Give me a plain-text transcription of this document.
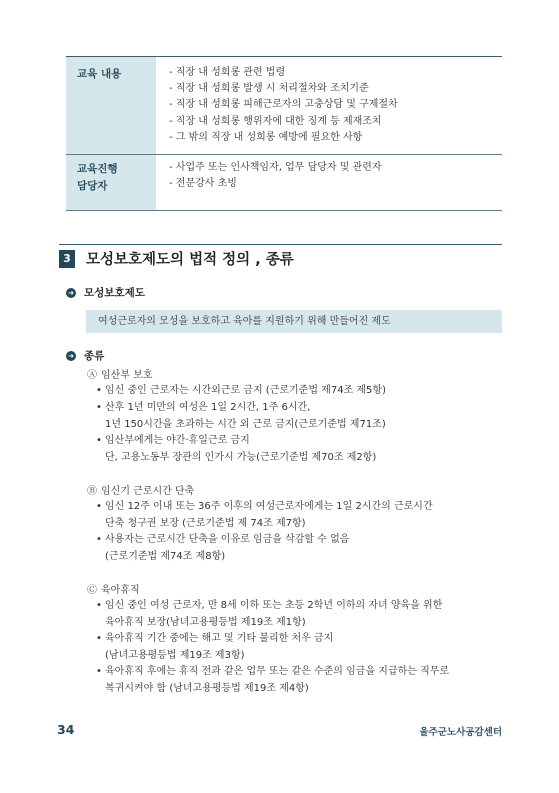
교육 내용	- 직장 내 성희롱 관련 법령
- 직장 내 성희롱 발생 시 처리절차와 조치기준
- 직장 내 성희롱 피해근로자의 고충상담 및 구제절차
- 직장 내 성희롱 행위자에 대한 징계 등 제재조치
- 그 밖의 직장 내 성희롱 예방에 필요한 사항
교육진행
담당자
- 사업주 또는 인사책임자, 업무 담당자 및 관련자
- 전문강사 초빙
3 모성보호제도의 법적 정의 , 종류
➜ 모성보호제도
여성근로자의 모성을 보호하고 육아를 지원하기 위해 만들어진 제도
➜ 종류
Ⓐ 임산부 보호
• 임신 중인 근로자는 시간외근로 금지 (근로기준법 제74조 제5항)
• 산후 1년 미만의 여성은 1일 2시간, 1주 6시간,
1년 150시간을 초과하는 시간 외 근로 금지(근로기준법 제71조)
• 임산부에게는 야간·휴일근로 금지
단, 고용노동부 장관의 인가시 가능(근로기준법 제70조 제2항)
Ⓑ 임신기 근로시간 단축
• 임신 12주 이내 또는 36주 이후의 여성근로자에게는 1일 2시간의 근로시간
단축 청구권 보장 (근로기준법 제 74조 제7항)
• 사용자는 근로시간 단축을 이유로 임금을 삭감할 수 없음
(근로기준법 제74조 제8항)
Ⓒ 육아휴직
• 임신 중인 여성 근로자, 만 8세 이하 또는 초등 2학년 이하의 자녀 양육을 위한
육아휴직 보장(남녀고용평등법 제19조 제1항)
• 육아휴직 기간 중에는 해고 및 기타 불리한 처우 금지
(남녀고용평등법 제19조 제3항)
• 육아휴직 후에는 휴직 전과 같은 업무 또는 같은 수준의 임금을 지급하는 직무로
복귀시켜야 함 (남녀고용평등법 제19조 제4항)
34	울주군노사공감센터
